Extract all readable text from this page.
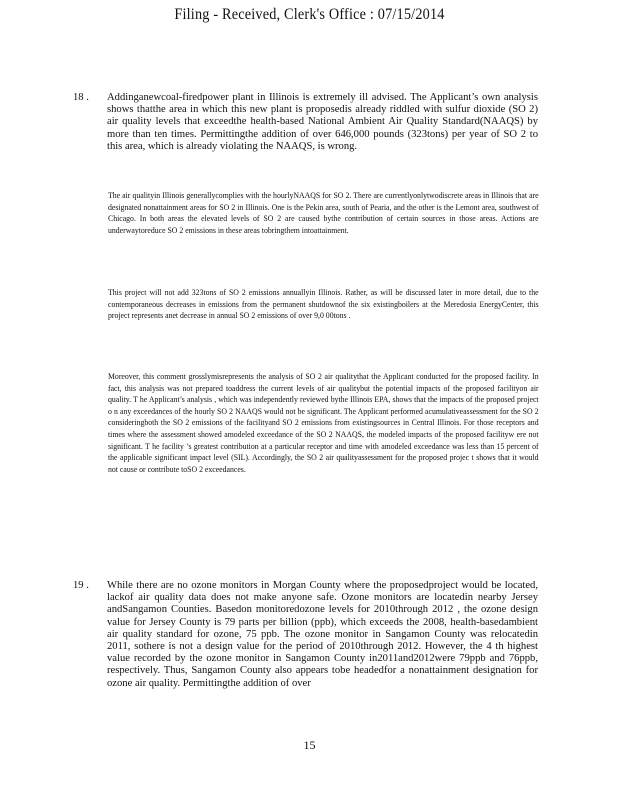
Filing - Received, Clerk's Office : 07/15/2014
18 .	Addinganewcoal-firedpower plant in Illinois is extremely ill advised. The Applicant’s own analysis shows thatthe area in which this new plant is proposedis already riddled with sulfur dioxide (SO 2) air quality levels that exceedthe health-based National Ambient Air Quality Standard(NAAQS) by more than ten times. Permittingthe addition of over 646,000 pounds (323tons) per year of SO 2 to this area, which is already violating the NAAQS, is wrong.
The air qualityin Illinois generallycomplies with the hourlyNAAQS for SO 2. There are currentlyonlytwodiscrete areas in Illinois that are designated nonattainment areas for SO 2 in Illinois. One is the Pekin area, south of Pearia, and the other is the Lemont area, southwest of Chicago. In both areas the elevated levels of SO 2 are caused bythe contribution of certain sources in those areas. Actions are underwaytoreduce SO 2 emissions in these areas tobringthem intoattainment.
This project will not add 323tons of SO 2 emissions annuallyin Illinois. Rather, as will be discussed later in more detail, due to the contemporaneous decreases in emissions from the permanent shutdownof the six existingboilers at the Meredosia EnergyCenter, this project represents anet decrease in annual SO 2 emissions of over 9,0 00tons .
Moreover, this comment grosslymisrepresents the analysis of SO 2 air qualitythat the Applicant conducted for the proposed facility. In fact, this analysis was not prepared toaddress the current levels of air qualitybut the potential impacts of the proposed facilityon air quality. T he Applicant’s analysis , which was independently reviewed bythe Illinois EPA, shows that the impacts of the proposed project o n any exceedances of the hourly SO 2 NAAQS would not be significant. The Applicant performed acumulativeassessment for the SO 2 consideringboth the SO 2 emissions of the facilityand SO 2 emissions from existingsources in Central Illinois. For those receptors and times where the assessment showed amodeled exceedance of the SO 2 NAAQS, the modeled impacts of the proposed facilityw ere not significant. T he facility ’s greatest contribution at a particular receptor and time with amodeled exceedance was less than 15 percent of the applicable significant impact level (SIL). Accordingly, the SO 2 air qualityassessment for the proposed projec t shows that it would not cause or contribute toSO 2 exceedances.
19 .	While there are no ozone monitors in Morgan County where the proposedproject would be located, lackof air quality data does not make anyone safe. Ozone monitors are locatedin nearby Jersey andSangamon Counties. Basedon monitoredozone levels for 2010through 2012 , the ozone design value for Jersey County is 79 parts per billion (ppb), which exceeds the 2008, health-basedambient air quality standard for ozone, 75 ppb. The ozone monitor in Sangamon County was relocatedin 2011, sothere is not a design value for the period of 2010through 2012. However, the 4 th highest value recorded by the ozone monitor in Sangamon County in2011and2012were 79ppb and 76ppb, respectively. Thus, Sangamon County also appears tobe headedfor a nonattainment designation for ozone air quality. Permittingthe addition of over
15
